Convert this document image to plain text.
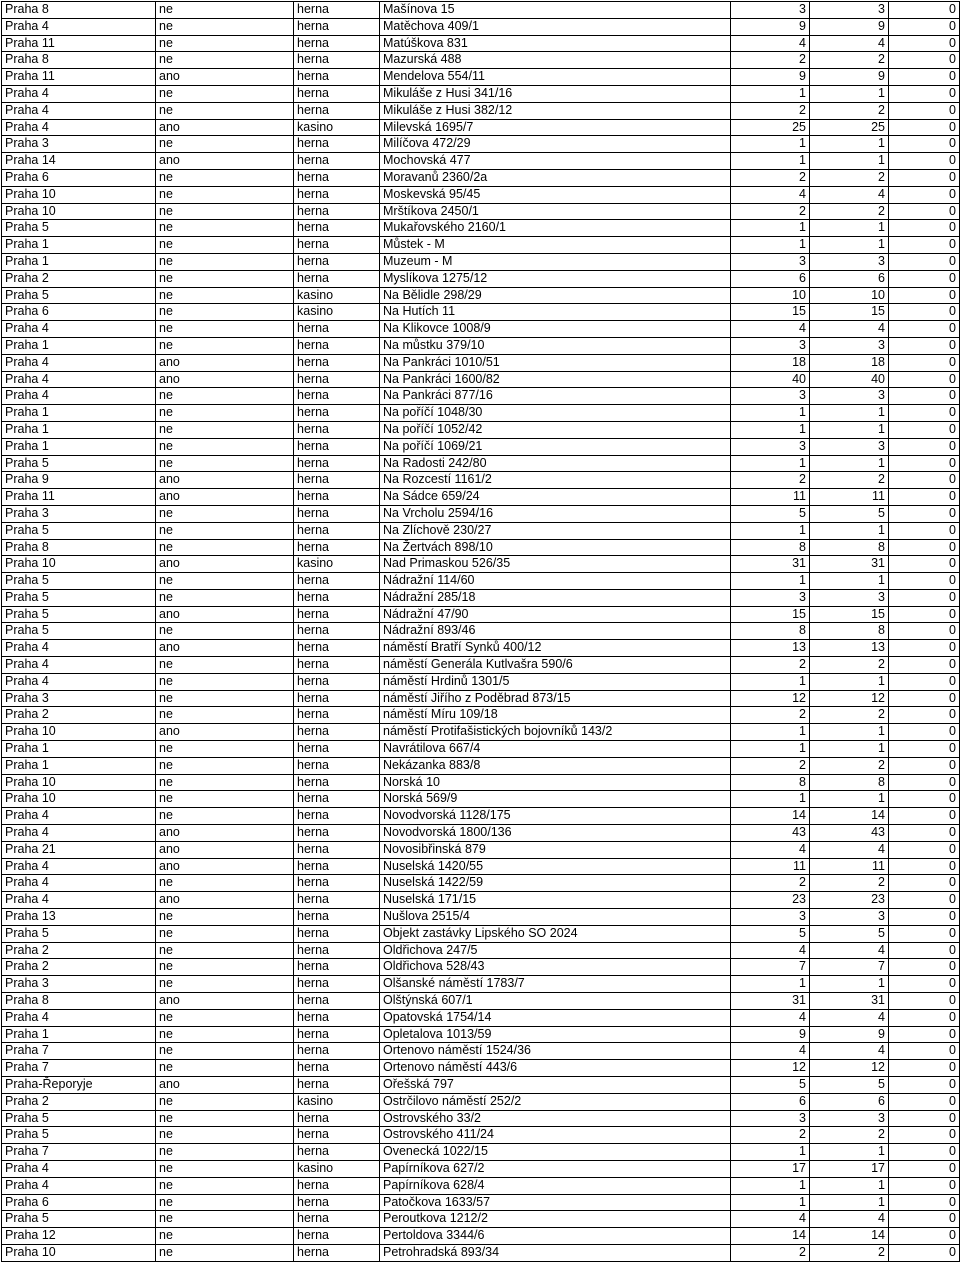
Praha 8	ne	herna	Mašínova 15	3	3	0
Praha 4	ne	herna	Matěchova 409/1	9	9	0
Praha 11	ne	herna	Matúškova 831	4	4	0
Praha 8	ne	herna	Mazurská 488	2	2	0
Praha 11	ano	herna	Mendelova 554/11	9	9	0
Praha 4	ne	herna	Mikuláše z Husi 341/16	1	1	0
Praha 4	ne	herna	Mikuláše z Husi 382/12	2	2	0
Praha 4	ano	kasino	Milevská 1695/7	25	25	0
Praha 3	ne	herna	Milíčova 472/29	1	1	0
Praha 14	ano	herna	Mochovská 477	1	1	0
Praha 6	ne	herna	Moravanů 2360/2a	2	2	0
Praha 10	ne	herna	Moskevská 95/45	4	4	0
Praha 10	ne	herna	Mrštíkova 2450/1	2	2	0
Praha 5	ne	herna	Mukařovského 2160/1	1	1	0
Praha 1	ne	herna	Můstek - M	1	1	0
Praha 1	ne	herna	Muzeum - M	3	3	0
Praha 2	ne	herna	Myslíkova 1275/12	6	6	0
Praha 5	ne	kasino	Na Bělidle 298/29	10	10	0
Praha 6	ne	kasino	Na Hutích 11	15	15	0
Praha 4	ne	herna	Na Klikovce 1008/9	4	4	0
Praha 1	ne	herna	Na můstku 379/10	3	3	0
Praha 4	ano	herna	Na Pankráci 1010/51	18	18	0
Praha 4	ano	herna	Na Pankráci 1600/82	40	40	0
Praha 4	ne	herna	Na Pankráci 877/16	3	3	0
Praha 1	ne	herna	Na poříčí 1048/30	1	1	0
Praha 1	ne	herna	Na poříčí 1052/42	1	1	0
Praha 1	ne	herna	Na poříčí 1069/21	3	3	0
Praha 5	ne	herna	Na Radosti 242/80	1	1	0
Praha 9	ano	herna	Na Rozcestí 1161/2	2	2	0
Praha 11	ano	herna	Na Sádce 659/24	11	11	0
Praha 3	ne	herna	Na Vrcholu 2594/16	5	5	0
Praha 5	ne	herna	Na Zlíchově 230/27	1	1	0
Praha 8	ne	herna	Na Žertvách 898/10	8	8	0
Praha 10	ano	kasino	Nad Primaskou 526/35	31	31	0
Praha 5	ne	herna	Nádražní 114/60	1	1	0
Praha 5	ne	herna	Nádražní 285/18	3	3	0
Praha 5	ano	herna	Nádražní 47/90	15	15	0
Praha 5	ne	herna	Nádražní 893/46	8	8	0
Praha 4	ano	herna	náměstí Bratří Synků 400/12	13	13	0
Praha 4	ne	herna	náměstí Generála Kutlvašra 590/6	2	2	0
Praha 4	ne	herna	náměstí Hrdinů 1301/5	1	1	0
Praha 3	ne	herna	náměstí Jiřího z Poděbrad 873/15	12	12	0
Praha 2	ne	herna	náměstí Míru 109/18	2	2	0
Praha 10	ano	herna	náměstí Protifašistických bojovníků 143/2	1	1	0
Praha 1	ne	herna	Navrátilova 667/4	1	1	0
Praha 1	ne	herna	Nekázanka 883/8	2	2	0
Praha 10	ne	herna	Norská 10	8	8	0
Praha 10	ne	herna	Norská 569/9	1	1	0
Praha 4	ne	herna	Novodvorská 1128/175	14	14	0
Praha 4	ano	herna	Novodvorská 1800/136	43	43	0
Praha 21	ano	herna	Novosibřinská 879	4	4	0
Praha 4	ano	herna	Nuselská 1420/55	11	11	0
Praha 4	ne	herna	Nuselská 1422/59	2	2	0
Praha 4	ano	herna	Nuselská 171/15	23	23	0
Praha 13	ne	herna	Nušlova 2515/4	3	3	0
Praha 5	ne	herna	Objekt zastávky Lipského SO 2024	5	5	0
Praha 2	ne	herna	Oldřichova 247/5	4	4	0
Praha 2	ne	herna	Oldřichova 528/43	7	7	0
Praha 3	ne	herna	Olšanské náměstí 1783/7	1	1	0
Praha 8	ano	herna	Olštýnská 607/1	31	31	0
Praha 4	ne	herna	Opatovská 1754/14	4	4	0
Praha 1	ne	herna	Opletalova 1013/59	9	9	0
Praha 7	ne	herna	Ortenovo náměstí 1524/36	4	4	0
Praha 7	ne	herna	Ortenovo náměstí 443/6	12	12	0
Praha-Řeporyje	ano	herna	Ořešská 797	5	5	0
Praha 2	ne	kasino	Ostrčilovo náměstí 252/2	6	6	0
Praha 5	ne	herna	Ostrovského 33/2	3	3	0
Praha 5	ne	herna	Ostrovského 411/24	2	2	0
Praha 7	ne	herna	Ovenecká 1022/15	1	1	0
Praha 4	ne	kasino	Papírníkova 627/2	17	17	0
Praha 4	ne	herna	Papírníkova 628/4	1	1	0
Praha 6	ne	herna	Patočkova 1633/57	1	1	0
Praha 5	ne	herna	Peroutkova 1212/2	4	4	0
Praha 12	ne	herna	Pertoldova 3344/6	14	14	0
Praha 10	ne	herna	Petrohradská 893/34	2	2	0
